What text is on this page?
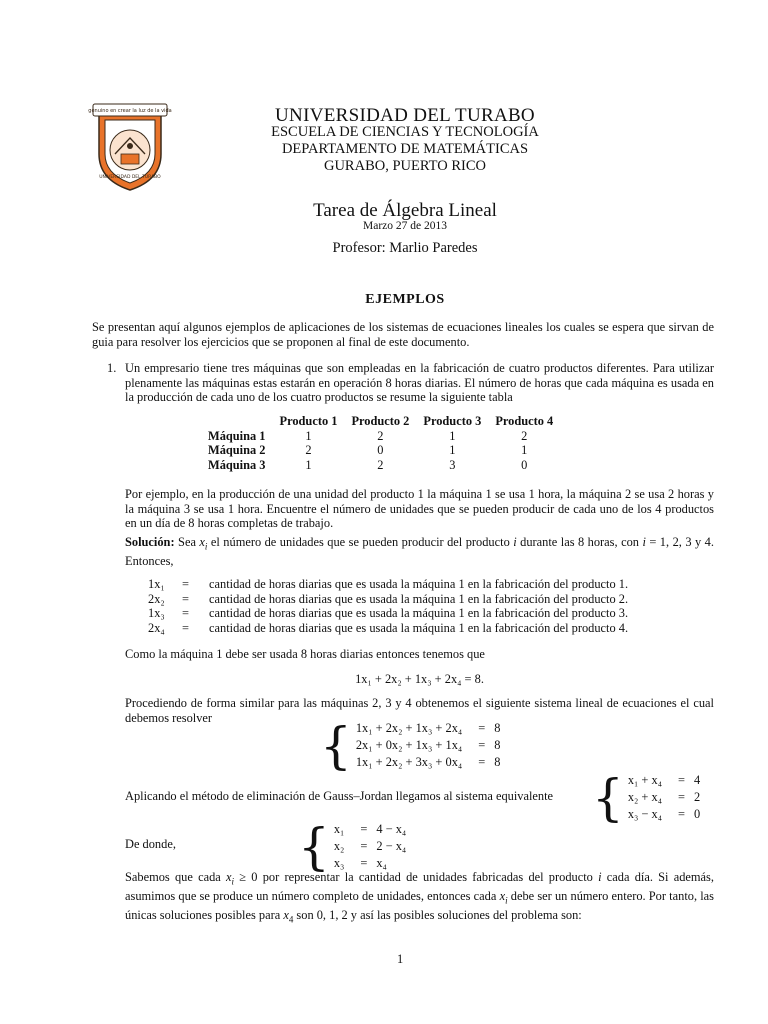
genuino en crear la luz de la vida
UNIVERSIDAD DEL TURABO
UNIVERSIDAD DEL TURABO
ESCUELA DE CIENCIAS Y TECNOLOGÍA
DEPARTAMENTO DE MATEMÁTICAS
GURABO, PUERTO RICO
Tarea de Álgebra Lineal
Marzo 27 de 2013
Profesor: Marlio Paredes
EJEMPLOS
Se presentan aquí algunos ejemplos de aplicaciones de los sistemas de ecuaciones lineales los cuales se espera que sirvan de guia para resolver los ejercicios que se proponen al final de este documento.
1. Un empresario tiene tres máquinas que son empleadas en la fabricación de cuatro productos diferentes. Para utilizar plenamente las máquinas estas estarán en operación 8 horas diarias. El número de horas que cada máquina es usada en la producción de cada uno de los cuatro productos se resume la siguiente tabla
	Producto 1	Producto 2	Producto 3	Producto 4
Máquina 1	1	2	1	2
Máquina 2	2	0	1	1
Máquina 3	1	2	3	0
Por ejemplo, en la producción de una unidad del producto 1 la máquina 1 se usa 1 hora, la máquina 2 se usa 2 horas y la máquina 3 se usa 1 hora. Encuentre el número de unidades que se pueden producir de cada uno de los 4 productos en un día de 8 horas completas de trabajo.
Solución: Sea $x_i$ el número de unidades que se pueden producir del producto i durante las 8 horas, con i = 1, 2, 3 y 4. Entonces,
1x₁ = cantidad de horas diarias que es usada la máquina 1 en la fabricación del producto 1.
2x₂ = cantidad de horas diarias que es usada la máquina 1 en la fabricación del producto 2.
1x₃ = cantidad de horas diarias que es usada la máquina 1 en la fabricación del producto 3.
2x₄ = cantidad de horas diarias que es usada la máquina 1 en la fabricación del producto 4.
Como la máquina 1 debe ser usada 8 horas diarias entonces tenemos que
1x₁ + 2x₂ + 1x₃ + 2x₄ = 8.
Procediendo de forma similar para las máquinas 2, 3 y 4 obtenemos el siguiente sistema lineal de ecuaciones el cual debemos resolver	{ 1x₁ + 2x₂ + 1x₃ + 2x₄	=	8
2x₁ + 0x₂ + 1x₃ + 1x₄	=	8
1x₁ + 2x₂ + 3x₃ + 0x₄	=	8
Aplicando el método de eliminación de Gauss–Jordan llegamos al sistema equivalente { x₁ + x₄	=	4
x₂ + x₄	=	2
x₃ − x₄	=	0
De donde, { x₁	=	4 − x₄
x₂	=	2 − x₄
x₃	=	x₄
Sabemos que cada $x_i \ge 0$ por representar la cantidad de unidades fabricadas del producto i cada día. Si además, asumimos que se produce un número completo de unidades, entonces cada $x_i$ debe ser un número entero. Por tanto, las únicas soluciones posibles para $x_4$ son 0, 1, 2 y así las posibles soluciones del problema son:
1
